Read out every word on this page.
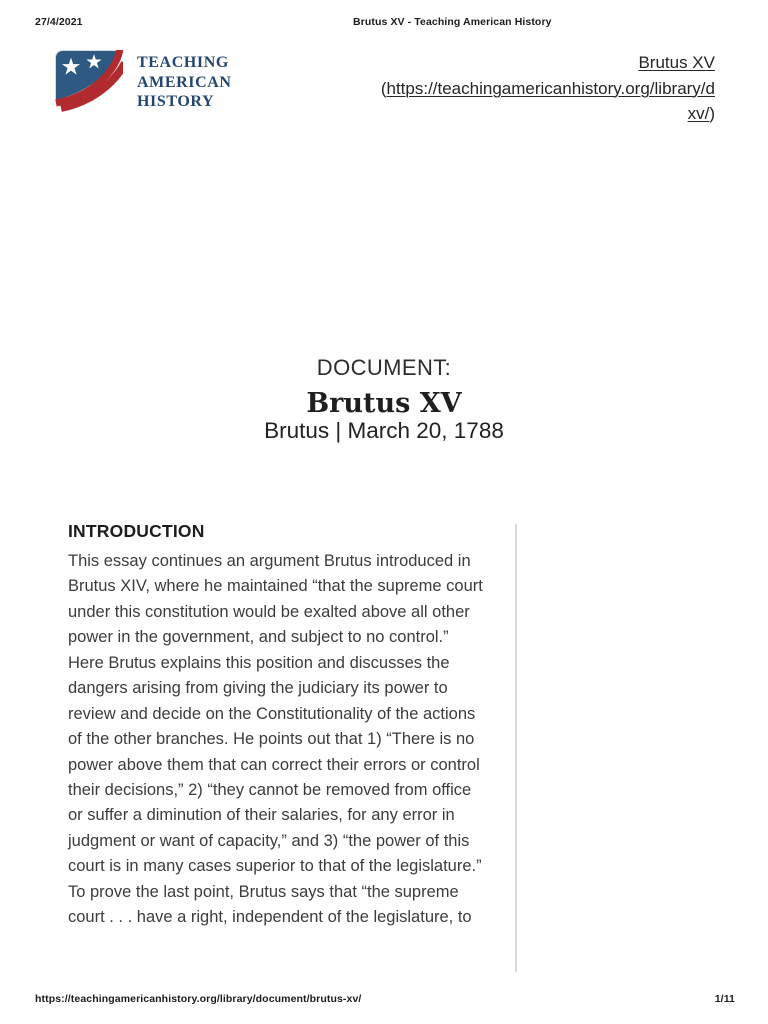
27/4/2021	Brutus XV - Teaching American History
TEACHING
AMERICAN
HISTORY
Brutus XV
(https://teachingamericanhistory.org/library/d
xv/)
DOCUMENT:
Brutus XV
Brutus | March 20, 1788
INTRODUCTION
This essay continues an argument Brutus introduced in
Brutus XIV, where he maintained “that the supreme court
under this constitution would be exalted above all other
power in the government, and subject to no control.”
Here Brutus explains this position and discusses the
dangers arising from giving the judiciary its power to
review and decide on the Constitutionality of the actions
of the other branches. He points out that 1) “There is no
power above them that can correct their errors or control
their decisions,” 2) “they cannot be removed from office
or suffer a diminution of their salaries, for any error in
judgment or want of capacity,” and 3) “the power of this
court is in many cases superior to that of the legislature.”
To prove the last point, Brutus says that “the supreme
court . . . have a right, independent of the legislature, to
https://teachingamericanhistory.org/library/document/brutus-xv/	1/11
